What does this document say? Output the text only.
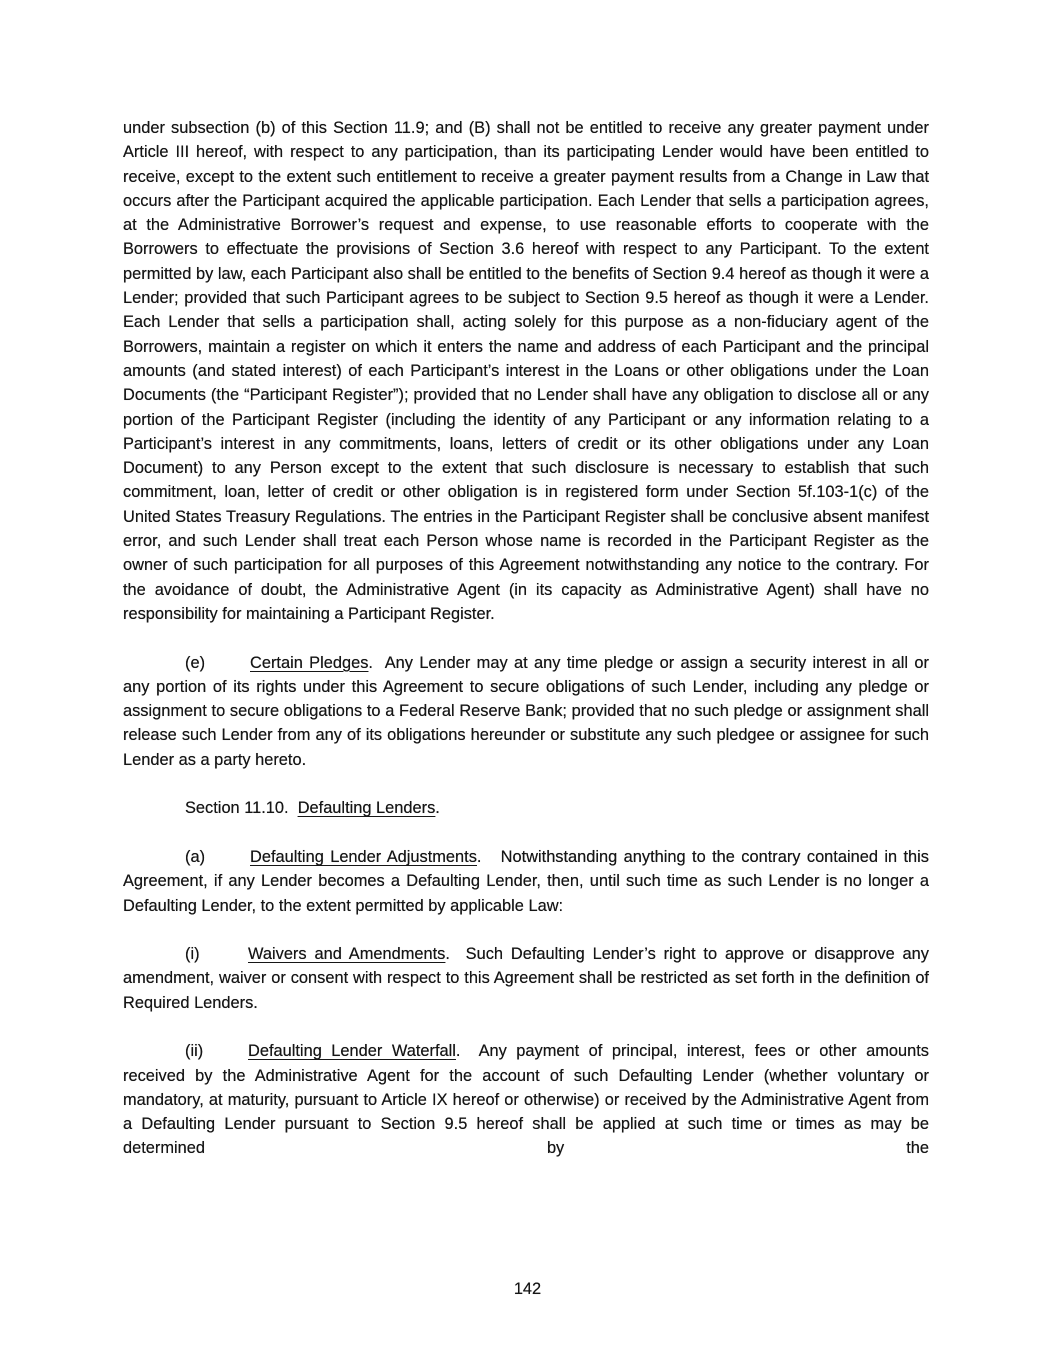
under subsection (b) of this Section 11.9; and (B) shall not be entitled to receive any greater payment under Article III hereof, with respect to any participation, than its participating Lender would have been entitled to receive, except to the extent such entitlement to receive a greater payment results from a Change in Law that occurs after the Participant acquired the applicable participation. Each Lender that sells a participation agrees, at the Administrative Borrower’s request and expense, to use reasonable efforts to cooperate with the Borrowers to effectuate the provisions of Section 3.6 hereof with respect to any Participant. To the extent permitted by law, each Participant also shall be entitled to the benefits of Section 9.4 hereof as though it were a Lender; provided that such Participant agrees to be subject to Section 9.5 hereof as though it were a Lender. Each Lender that sells a participation shall, acting solely for this purpose as a non-fiduciary agent of the Borrowers, maintain a register on which it enters the name and address of each Participant and the principal amounts (and stated interest) of each Participant’s interest in the Loans or other obligations under the Loan Documents (the “Participant Register”); provided that no Lender shall have any obligation to disclose all or any portion of the Participant Register (including the identity of any Participant or any information relating to a Participant’s interest in any commitments, loans, letters of credit or its other obligations under any Loan Document) to any Person except to the extent that such disclosure is necessary to establish that such commitment, loan, letter of credit or other obligation is in registered form under Section 5f.103-1(c) of the United States Treasury Regulations. The entries in the Participant Register shall be conclusive absent manifest error, and such Lender shall treat each Person whose name is recorded in the Participant Register as the owner of such participation for all purposes of this Agreement notwithstanding any notice to the contrary. For the avoidance of doubt, the Administrative Agent (in its capacity as Administrative Agent) shall have no responsibility for maintaining a Participant Register.

(e)	Certain Pledges.  Any Lender may at any time pledge or assign a security interest in all or any portion of its rights under this Agreement to secure obligations of such Lender, including any pledge or assignment to secure obligations to a Federal Reserve Bank; provided that no such pledge or assignment shall release such Lender from any of its obligations hereunder or substitute any such pledgee or assignee for such Lender as a party hereto.

Section 11.10. Defaulting Lenders.

(a)	Defaulting Lender Adjustments.   Notwithstanding anything to the contrary contained in this Agreement, if any Lender becomes a Defaulting Lender, then, until such time as such Lender is no longer a Defaulting Lender, to the extent permitted by applicable Law:

(i)	Waivers and Amendments.  Such Defaulting Lender’s right to approve or disapprove any amendment, waiver or consent with respect to this Agreement shall be restricted as set forth in the definition of Required Lenders.

(ii)	Defaulting Lender Waterfall.  Any payment of principal, interest, fees or other amounts received by the Administrative Agent for the account of such Defaulting Lender (whether voluntary or mandatory, at maturity, pursuant to Article IX hereof or otherwise) or received by the Administrative Agent from a Defaulting Lender pursuant to Section 9.5 hereof shall be applied at such time or times as may be determined by the

142
